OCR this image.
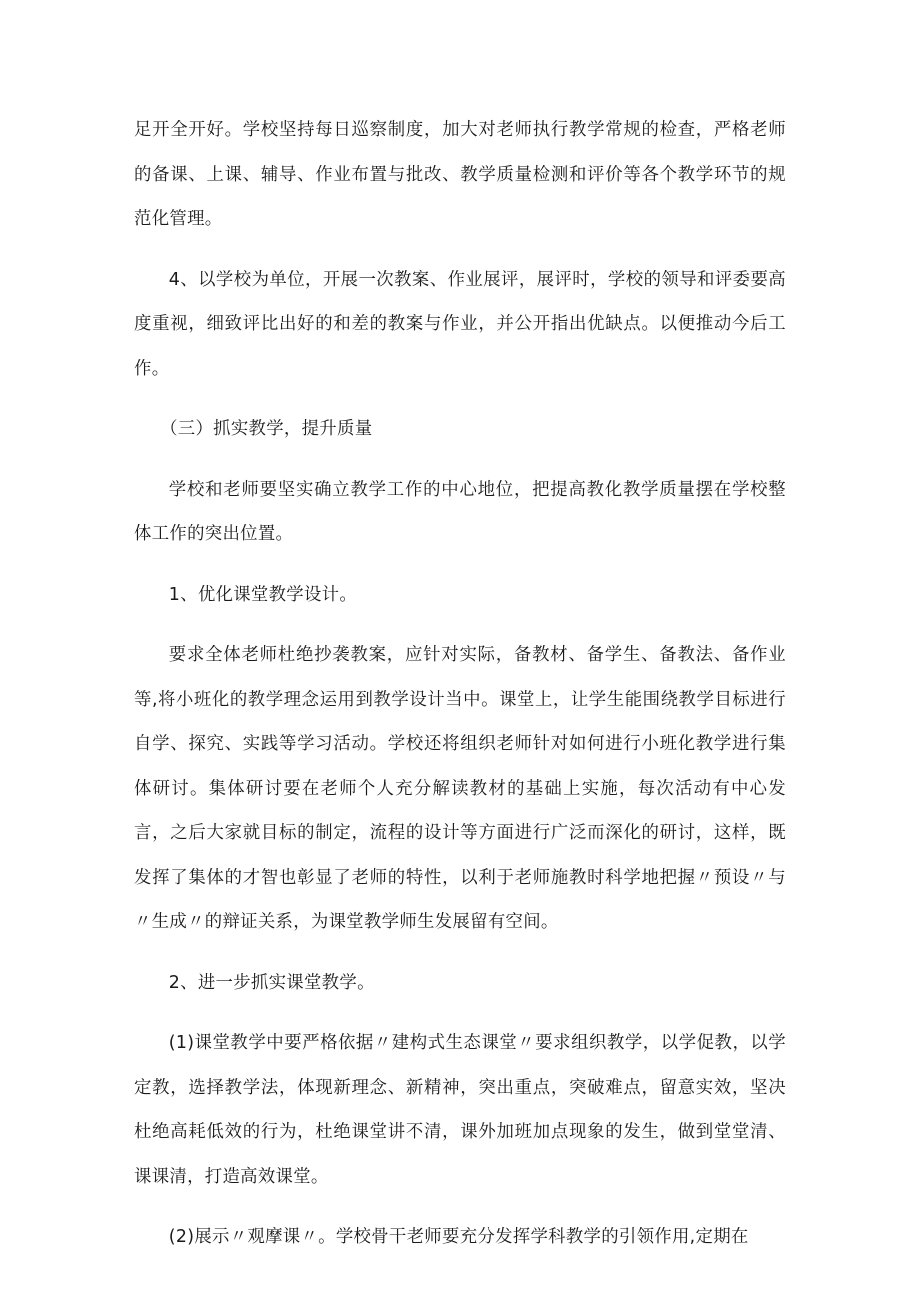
足开全开好。学校坚持每日巡察制度，加大对老师执行教学常规的检查，严格老师的备课、上课、辅导、作业布置与批改、教学质量检测和评价等各个教学环节的规范化管理。

4、以学校为单位，开展一次教案、作业展评，展评时，学校的领导和评委要高度重视，细致评比出好的和差的教案与作业，并公开指出优缺点。以便推动今后工作。

（三）抓实教学，提升质量

学校和老师要坚实确立教学工作的中心地位，把提高教化教学质量摆在学校整体工作的突出位置。

1、优化课堂教学设计。

要求全体老师杜绝抄袭教案，应针对实际，备教材、备学生、备教法、备作业等,将小班化的教学理念运用到教学设计当中。课堂上，让学生能围绕教学目标进行自学、探究、实践等学习活动。学校还将组织老师针对如何进行小班化教学进行集体研讨。集体研讨要在老师个人充分解读教材的基础上实施，每次活动有中心发言，之后大家就目标的制定，流程的设计等方面进行广泛而深化的研讨，这样，既发挥了集体的才智也彰显了老师的特性，以利于老师施教时科学地把握〃预设〃与〃生成〃的辩证关系，为课堂教学师生发展留有空间。

2、进一步抓实课堂教学。

(1)课堂教学中要严格依据〃建构式生态课堂〃要求组织教学，以学促教，以学定教，选择教学法，体现新理念、新精神，突出重点，突破难点，留意实效，坚决杜绝高耗低效的行为，杜绝课堂讲不清，课外加班加点现象的发生，做到堂堂清、课课清，打造高效课堂。

(2)展示〃观摩课〃。学校骨干老师要充分发挥学科教学的引领作用,定期在
